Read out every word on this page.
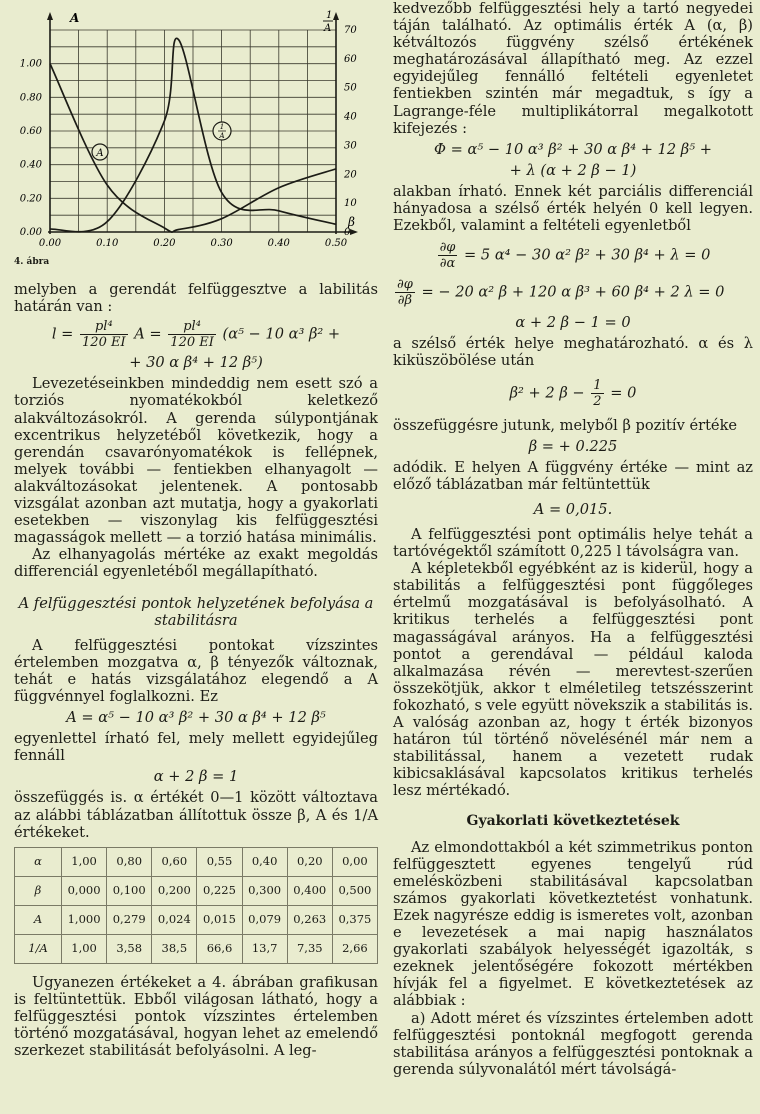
0.00
0.20
0.40
0.60
0.80
1.00
0
10
20
30
40
50
60
70
0.00	0.10	0.20	0.30	0.40	0.50
A	1
A
β
A
1
A
4. ábra

melyben a gerendát felfüggesztve a labilitás határán van :

$l = \frac{\text{pl⁴}}{120 EI}$ $A = \frac{\text{pl⁴}}{120 EI} (\alpha^5 - 10$ α³ β² +
+ 30 α β⁴ + 12 β⁵)

Levezetéseinkben mindeddig nem esett szó a torziós nyomatékokból keletkező alakváltozásokról. A gerenda súlypontjának excentrikus helyzetéből következik, hogy a gerendán csavarónyomatékok is fellépnek, melyek további — fentiekben elhanyagolt — alakváltozásokat jelentenek. A pontosabb vizsgálat azonban azt mutatja, hogy a gyakorlati esetekben — viszonylag kis felfüggesztési magasságok mellett — a torzió hatása minimális.

Az elhanyagolás mértéke az exakt megoldás differenciál egyenletéből megállapítható.

A felfüggesztési pontok helyzetének befolyása a stabilitásra

A felfüggesztési pontokat vízszintes értelemben mozgatva α, β tényezők változnak, tehát e hatás vizsgálatához elegendő a A függvénnyel foglalkozni. Ez

A = α⁵ − 10 α³ β² + 30 α β⁴ + 12 β⁵

egyenlettel írható fel, mely mellett egyidejűleg fennáll

α + 2 β = 1

összefüggés is. α értékét 0—1 között változtava az alábbi táblázatban állítottuk össze β, A és 1/A értékeket.

α	1,00	0,80	0,60	0,55	0,40	0,20	0,00
β	0,000	0,100	0,200	0,225	0,300	0,400	0,500
A	1,000	0,279	0,024	0,015	0,079	0,263	0,375
1/A	1,00	3,58	38,5	66,6	13,7	7,35	2,66

Ugyanezen értékeket a 4. ábrában grafikusan is feltüntettük. Ebből világosan látható, hogy a felfüggesztési pontok vízszintes értelemben történő mozgatásával, hogyan lehet az emelendő szerkezet stabilitását befolyásolni. A leg-

kedvezőbb felfüggesztési hely a tartó negyedei táján található. Az optimális érték A (α, β) kétváltozós függvény szélső értékének meghatározásával állapítható meg. Az ezzel egyidejűleg fennálló feltételi egyenletet fentiekben szintén már megadtuk, s így a Lagrange-féle multiplikátorral megalkotott kifejezés :

Φ = α⁵ − 10 α³ β² + 30 α β⁴ + 12 β⁵ +
+ λ (α + 2 β − 1)

alakban írható. Ennek két parciális differenciál hányadosa a szélső érték helyén 0 kell legyen. Ezekből, valamint a feltételi egyenletből

$\frac{\partial\varphi}{\partial\alpha} = 5$ α⁴ − 30 α² β² + 30 β⁴ + λ = 0
$\frac{\partial\varphi}{\partial\beta}$ = − 20 α² β + 120 α β³ + 60 β⁴ + 2 λ = 0
α + 2 β − 1 = 0

a szélső érték helye meghatározható. α és λ kiküszöbölése után

β² + 2 $\beta - \frac{1}{2} = 0$

összefüggésre jutunk, melyből β pozitív értéke

β = + 0.225

adódik. E helyen A függvény értéke — mint az előző táblázatban már feltüntettük

A = 0,015.

A felfüggesztési pont optimális helye tehát a tartóvégektől számított 0,225 l távolságra van.

A képletekből egyébként az is kiderül, hogy a stabilitás a felfüggesztési pont függőleges értelmű mozgatásával is befolyásolható. A kritikus terhelés a felfüggesztési pont magasságával arányos. Ha a felfüggesztési pontot a gerendával — például kaloda alkalmazása révén — merevtest-szerűen összekötjük, akkor t elméletileg tetszésszerint fokozható, s vele együtt növekszik a stabilitás is. A valóság azonban az, hogy t érték bizonyos határon túl történő növelésénél már nem a stabilitással, hanem a vezetett rudak kibicsaklásával kapcsolatos kritikus terhelés lesz mértékadó.

Gyakorlati következtetések

Az elmondottakból a két szimmetrikus ponton felfüggesztett egyenes tengelyű rúd emelésközbeni stabilitásával kapcsolatban számos gyakorlati következtetést vonhatunk. Ezek nagyrésze eddig is ismeretes volt, azonban e levezetések a mai napig használatos gyakorlati szabályok helyességét igazolták, s ezeknek jelentőségére fokozott mértékben hívják fel a figyelmet. E következtetések az alábbiak :

a) Adott méret és vízszintes értelemben adott felfüggesztési pontoknál megfogott gerenda stabilitása arányos a felfüggesztési pontoknak a gerenda súlyvonalától mért távolságá-
